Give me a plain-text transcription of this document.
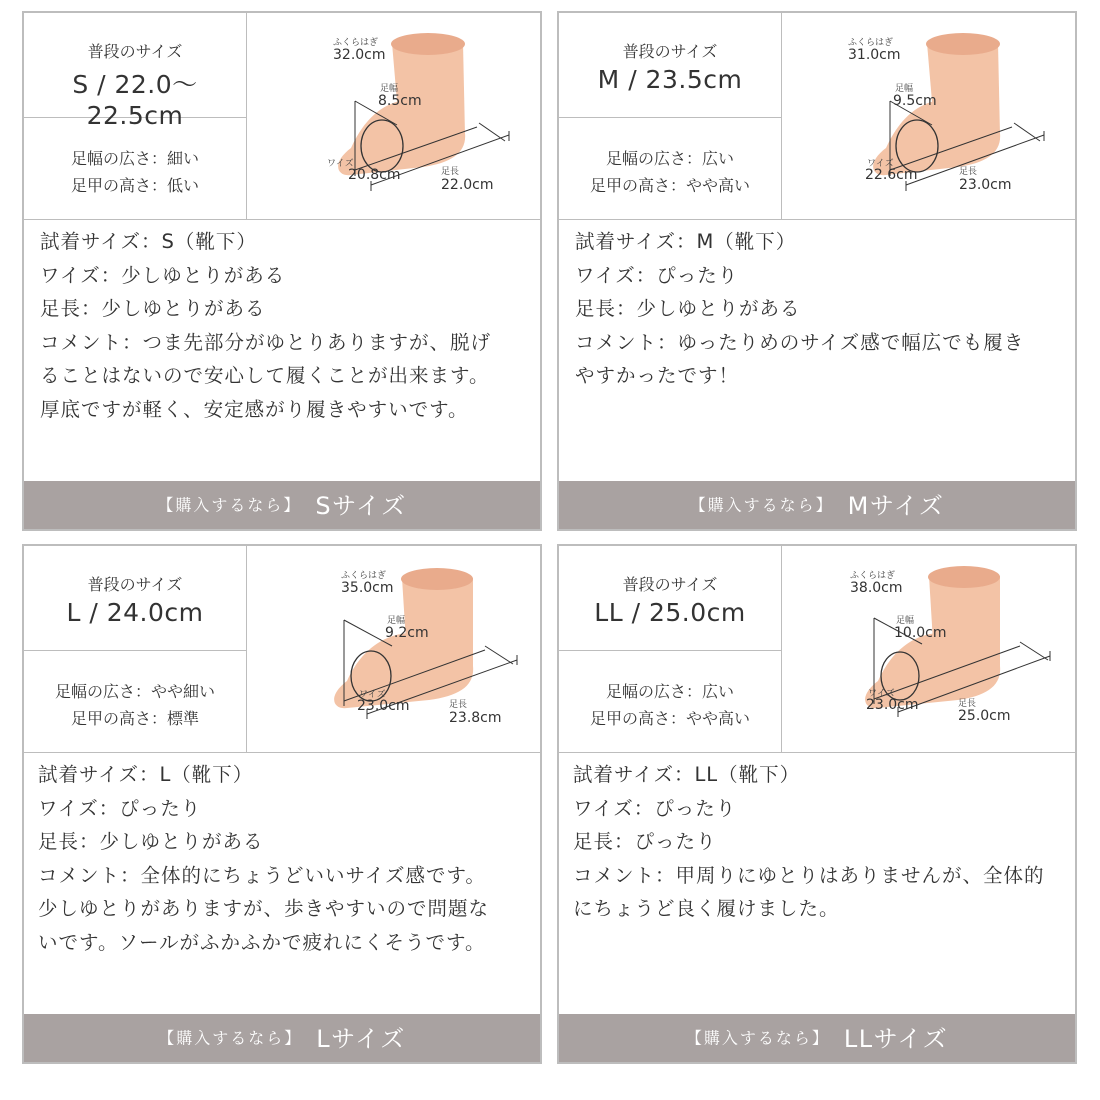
普段のサイズ
S / 22.0〜22.5cm
足幅の広さ：細い
足甲の高さ：低い
ふくらはぎ
32.0cm
足幅
8.5cm
ワイズ
20.8cm	足長
22.0cm

試着サイズ：S（靴下）

ワイズ：少しゆとりがある

足長：少しゆとりがある

コメント：つま先部分がゆとりありますが、脱げ

ることはないので安心して履くことが出来ます。

厚底ですが軽く、安定感がり履きやすいです。

【購入するなら】 Sサイズ
普段のサイズ
M / 23.5cm
足幅の広さ：広い
足甲の高さ：やや高い
ふくらはぎ
31.0cm
足幅
9.5cm
ワイズ
22.6cm	足長
23.0cm

試着サイズ：M（靴下）

ワイズ：ぴったり

足長：少しゆとりがある

コメント：ゆったりめのサイズ感で幅広でも履き

やすかったです！

【購入するなら】 Mサイズ
普段のサイズ
L / 24.0cm
足幅の広さ：やや細い
足甲の高さ：標準
ふくらはぎ
35.0cm
足幅
9.2cm
ワイズ
23.0cm	足長
23.8cm

試着サイズ：L（靴下）

ワイズ：ぴったり

足長：少しゆとりがある

コメント：全体的にちょうどいいサイズ感です。

少しゆとりがありますが、歩きやすいので問題な

いです。ソールがふかふかで疲れにくそうです。

【購入するなら】 Lサイズ
普段のサイズ
LL / 25.0cm
足幅の広さ：広い
足甲の高さ：やや高い
ふくらはぎ
38.0cm
足幅
10.0cm
ワイズ
23.0cm	足長
25.0cm

試着サイズ：LL（靴下）

ワイズ：ぴったり

足長：ぴったり

コメント：甲周りにゆとりはありませんが、全体的

にちょうど良く履けました。

【購入するなら】 LLサイズ
